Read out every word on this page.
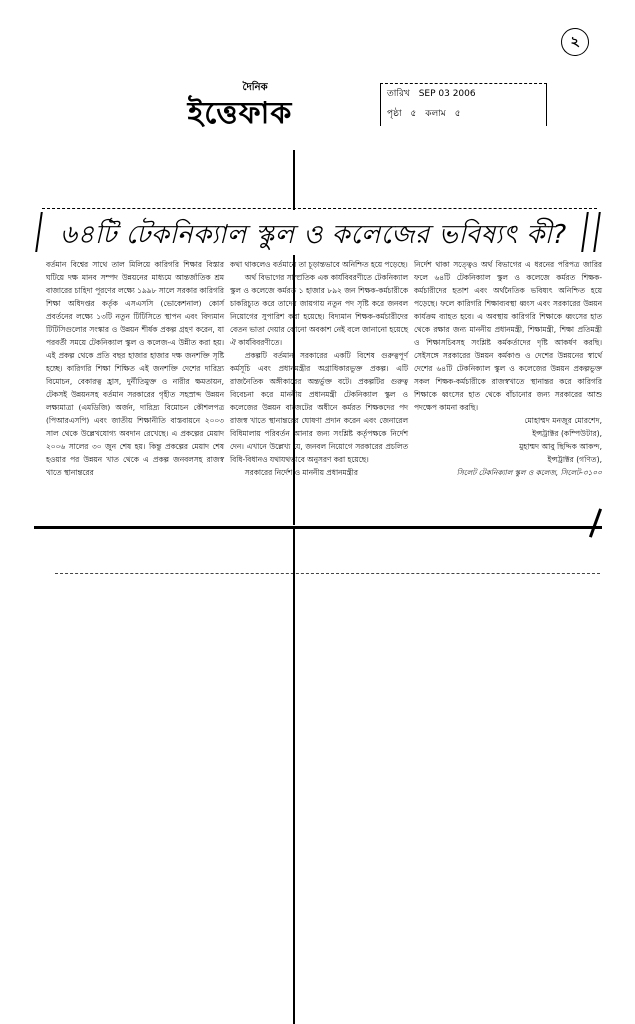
২
দৈনিক
ইত্তেফাক
তারিখ SEP 03 2006
পৃষ্ঠা ৫ কলাম ৫
৬৪টি টেকনিক্যাল স্কুল ও কলেজের ভবিষ্যৎ কী?

বর্তমান বিশ্বের সাথে তাল মিলিয়ে কারিগরি শিক্ষার বিস্তার ঘটিয়ে দক্ষ মানব সম্পদ উন্নয়নের মাধ্যমে আন্তর্জাতিক শ্রম বাজারের চাহিদা পূরণের লক্ষ্যে ১৯৯৮ সালে সরকার কারিগরি শিক্ষা অধিদপ্তর কর্তৃক এসএসসি (ভোকেশনাল) কোর্স প্রবর্তনের লক্ষ্যে ১৩টি নতুন টিটিসিতে স্থাপন এবং বিদ্যমান টিটিসিগুলোর সংস্কার ও উন্নয়ন শীর্ষক প্রকল্প গ্রহণ করেন, যা পরবর্তী সময়ে টেকনিক্যাল স্কুল ও কলেজ-এ উন্নীত করা হয়। এই প্রকল্প থেকে প্রতি বছর হাজার হাজার দক্ষ জনশক্তি সৃষ্টি হচ্ছে। কারিগরি শিক্ষা শিক্ষিত এই জনশক্তি দেশের দারিদ্র্য বিমোচন, বেকারত্ব হ্রাস, দুর্নীতিমুক্ত ও নারীর ক্ষমতায়ন, টেকসই উন্নয়নসহ বর্তমান সরকারের গৃহীত সহস্রাব্দ উন্নয়ন লক্ষ্যমাত্রা (এমডিজি) অর্জন, দারিদ্র্য বিমোচন কৌশলপত্র (পিআরএসপি) এবং জাতীয় শিক্ষানীতি বাস্তবায়নে ২০০৩ সাল থেকে উল্লেখযোগ্য অবদান রেখেছে। এ প্রকল্পের মেয়াদ ২০০৬ সালের ৩০ জুন শেষ হয়। কিন্তু প্রকল্পের মেয়াদ শেষ হওয়ার পর উন্নয়ন খাত থেকে এ প্রকল্প জনবলসহ রাজস্ব খাতে স্থানান্তরের

কথা থাকলেও বর্তমানে তা চূড়ান্তভাবে অনিশ্চিত হয়ে পড়েছে।

অর্থ বিভাগের সাম্প্রতিক এক কার্যবিবরণীতে টেকনিক্যাল স্কুল ও কলেজে কর্মরত ১ হাজার ৮৯২ জন শিক্ষক-কর্মচারীকে চাকরিচ্যুত করে তাদের জায়গায় নতুন পদ সৃষ্টি করে জনবল নিয়োগের সুপারিশ করা হয়েছে। বিদ্যমান শিক্ষক-কর্মচারীদের বেতন ভাতা দেয়ার কোনো অবকাশ নেই বলে জানানো হয়েছে ঐ কার্যবিবরণীতে।

প্রকল্পটি বর্তমান সরকারের একটি বিশেষ গুরুত্বপূর্ণ কর্মসূচি এবং প্রধানমন্ত্রীর অগ্রাধিকারভুক্ত প্রকল্প। এটি রাজনৈতিক অঙ্গীকারের অন্তর্ভুক্ত বটে। প্রকল্পটির গুরুত্ব বিবেচনা করে মাননীয় প্রধানমন্ত্রী টেকনিক্যাল স্কুল ও কলেজের উন্নয়ন বাজেটের অধীনে কর্মরত শিক্ষকদের পদ রাজস্ব খাতে স্থানান্তরের ঘোষণা প্রদান করেন এবং জেনারেল বিধিমালায় পরিবর্তন আনার জন্য সংশ্লিষ্ট কর্তৃপক্ষকে নির্দেশ দেন। এখানে উল্লেখ্য যে, জনবল নিয়োগে সরকারের প্রচলিত বিধি-বিধানও যথাযথভাবে অনুসরণ করা হয়েছে।

সরকারের নির্দেশ ও মাননীয় প্রধানমন্ত্রীর

নির্দেশ থাকা সত্ত্বেও অর্থ বিভাগের এ ধরনের পরিপত্র জারির ফলে ৬৪টি টেকনিক্যাল স্কুল ও কলেজে কর্মরত শিক্ষক-কর্মচারীদের হতাশ এবং অর্থনৈতিক ভবিষ্যৎ অনিশ্চিত হয়ে পড়েছে। ফলে কারিগরি শিক্ষাব্যবস্থা ধ্বংস এবং সরকারের উন্নয়ন কার্যক্রম ব্যাহত হবে। এ অবস্থায় কারিগরি শিক্ষাকে ধ্বংসের হাত থেকে রক্ষার জন্য মাননীয় প্রধানমন্ত্রী, শিক্ষামন্ত্রী, শিক্ষা প্রতিমন্ত্রী ও শিক্ষাসচিবসহ সংশ্লিষ্ট কর্মকর্তাদের দৃষ্টি আকর্ষণ করছি। সেইসঙ্গে সরকারের উন্নয়ন কর্মকাণ্ড ও দেশের উন্নয়নের স্বার্থে দেশের ৬৪টি টেকনিক্যাল স্কুল ও কলেজের উন্নয়ন প্রকল্পভুক্ত সকল শিক্ষক-কর্মচারীকে রাজস্বখাতে স্থানান্তর করে কারিগরি শিক্ষাকে ধ্বংসের হাত থেকে বাঁচানোর জন্য সরকারের আশু পদক্ষেপ কামনা করছি।

মোহাম্মদ মনজুর মোরশেদ,
ইন্সট্রাক্টর (কম্পিউটার),
মুহাম্মদ আবু ছিদ্দিক আকন্দ,
ইন্সট্রাক্টর (গণিত),
সিলেট টেকনিক্যাল স্কুল ও কলেজ, সিলেট-৩১০০
